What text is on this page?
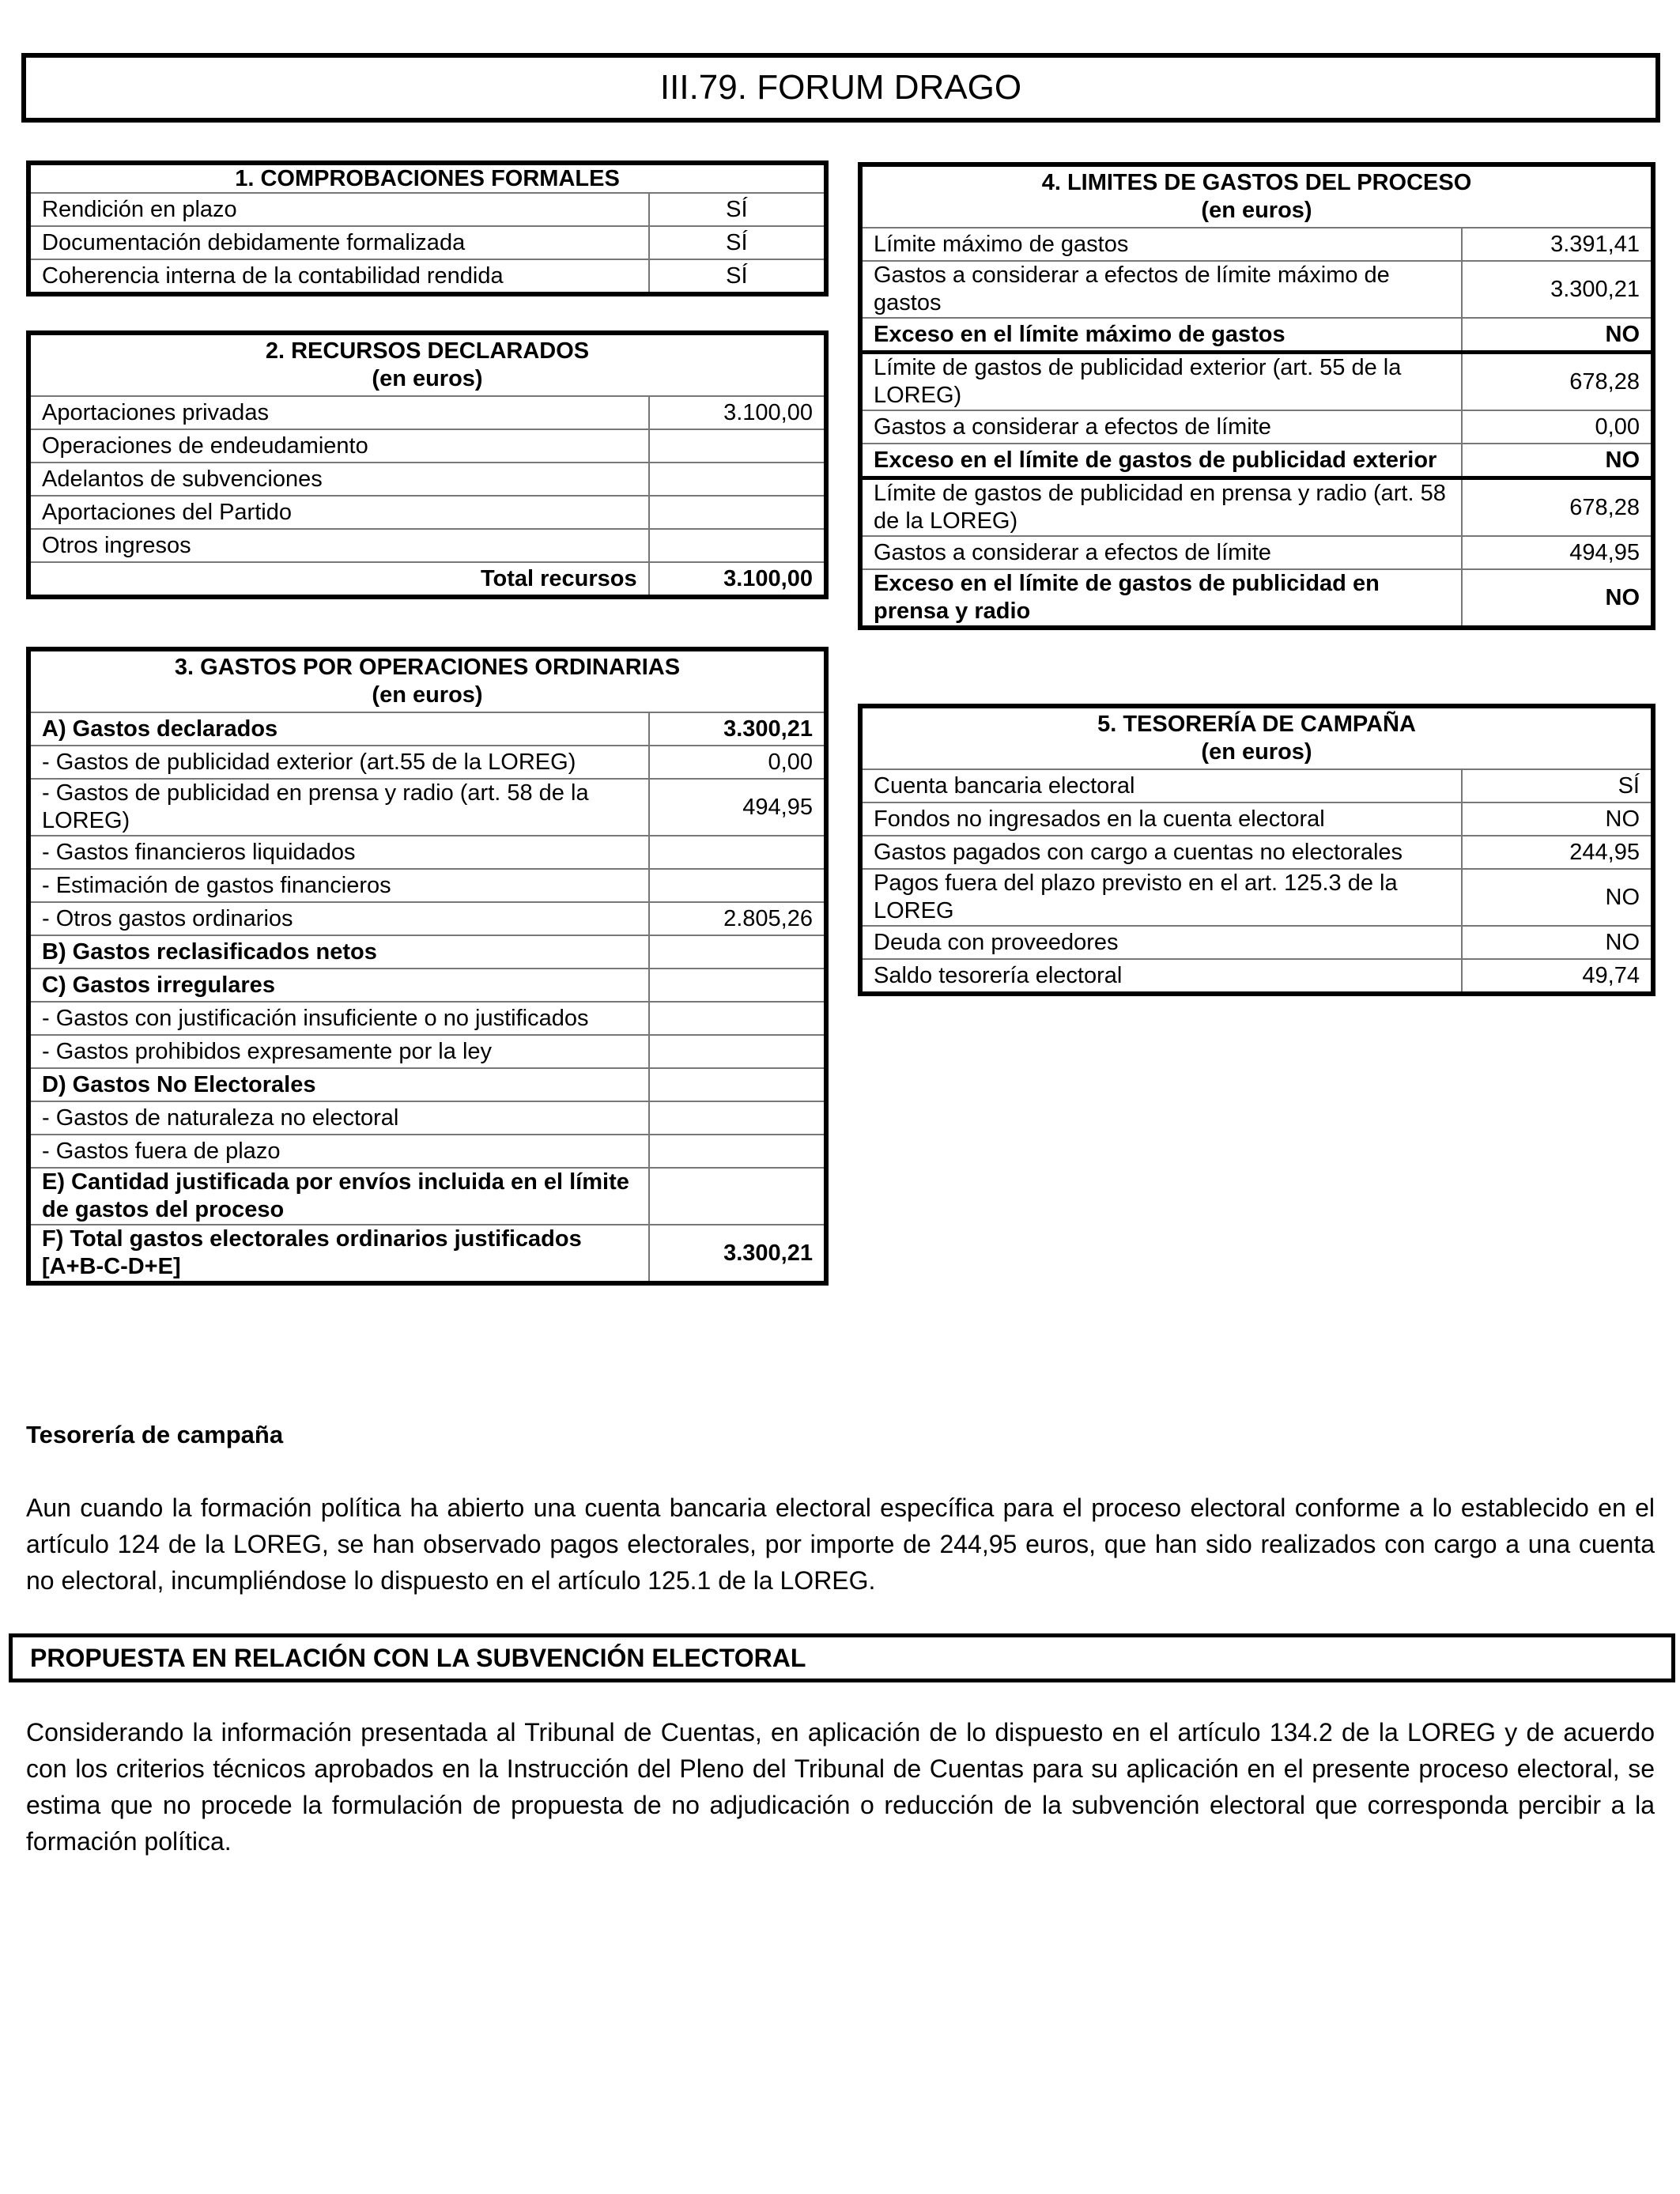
III.79. FORUM DRAGO
1. COMPROBACIONES FORMALES	
Rendición en plazo	SÍ
Documentación debidamente formalizada	SÍ
Coherencia interna de la contabilidad rendida	SÍ
2. RECURSOS DECLARADOS
(en euros)	
Aportaciones privadas	3.100,00
Operaciones de endeudamiento	
Adelantos de subvenciones	
Aportaciones del Partido	
Otros ingresos	
Total recursos	3.100,00
3. GASTOS POR OPERACIONES ORDINARIAS
(en euros)	
A) Gastos declarados	3.300,21
- Gastos de publicidad exterior (art.55 de la LOREG)	0,00
- Gastos de publicidad en prensa y radio (art. 58 de la LOREG)	494,95
- Gastos financieros liquidados	
- Estimación de gastos financieros	
- Otros gastos ordinarios	2.805,26
B) Gastos reclasificados netos	
C) Gastos irregulares	
- Gastos con justificación insuficiente o no justificados	
- Gastos prohibidos expresamente por la ley	
D) Gastos No Electorales	
- Gastos de naturaleza no electoral	
- Gastos fuera de plazo	
E) Cantidad justificada por envíos incluida en el límite de gastos del proceso	
F) Total gastos electorales ordinarios justificados [A+B-C-D+E]	3.300,21
4. LIMITES DE GASTOS DEL PROCESO
(en euros)	
Límite máximo de gastos	3.391,41
Gastos a considerar a efectos de límite máximo de gastos	3.300,21
Exceso en el límite máximo de gastos	NO
Límite de gastos de publicidad exterior (art. 55 de la LOREG)	678,28
Gastos a considerar a efectos de límite	0,00
Exceso en el límite de gastos de publicidad exterior	NO
Límite de gastos de publicidad en prensa y radio (art. 58 de la LOREG)	678,28
Gastos a considerar a efectos de límite	494,95
Exceso en el límite de gastos de publicidad en prensa y radio	NO
5. TESORERÍA DE CAMPAÑA
(en euros)	
Cuenta bancaria electoral	SÍ
Fondos no ingresados en la cuenta electoral	NO
Gastos pagados con cargo a cuentas no electorales	244,95
Pagos fuera del plazo previsto en el art. 125.3 de la LOREG	NO
Deuda con proveedores	NO
Saldo tesorería electoral	49,74
Tesorería de campaña
Aun cuando la formación política ha abierto una cuenta bancaria electoral específica para el proceso electoral conforme a lo establecido en el artículo 124 de la LOREG, se han observado pagos electorales, por importe de 244,95 euros, que han sido realizados con cargo a una cuenta no electoral, incumpliéndose lo dispuesto en el artículo 125.1 de la LOREG.
PROPUESTA EN RELACIÓN CON LA SUBVENCIÓN ELECTORAL
Considerando la información presentada al Tribunal de Cuentas, en aplicación de lo dispuesto en el artículo 134.2 de la LOREG y de acuerdo con los criterios técnicos aprobados en la Instrucción del Pleno del Tribunal de Cuentas para su aplicación en el presente proceso electoral, se estima que no procede la formulación de propuesta de no adjudicación o reducción de la subvención electoral que corresponda percibir a la formación política.
